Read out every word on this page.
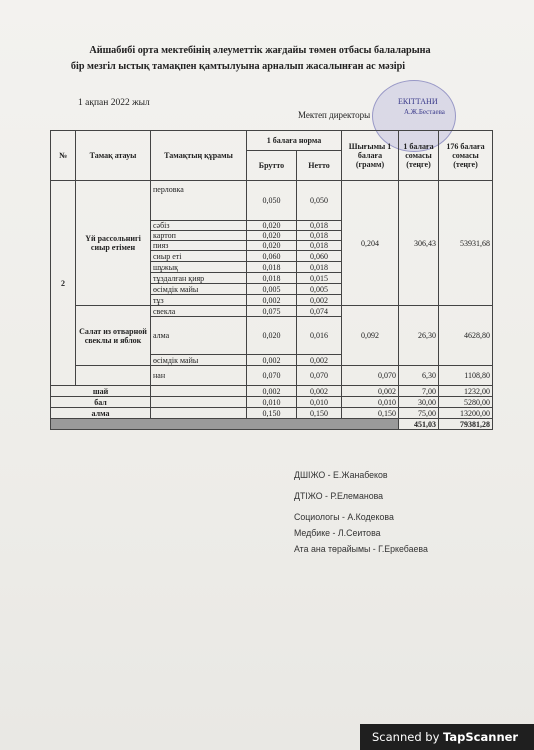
Айшабибі орта мектебінің әлеуметтік жағдайы төмен отбасы балаларына
бір мезгіл ыстық тамақпен қамтылуына арналып жасалынған ас мәзірі
1 ақпан 2022 жыл	ЕКІТТАНИ
А.Ж.Бестаева
Мектеп директоры
№	Тамақ атауы	Тамақтың құрамы	1 балаға норма		Шығымы 1 балаға (грамм)	1 балаға сомасы (теңге)	176 балаға сомасы (теңге)
			Брутто	Нетто			
2	Үй рассольнигі сиыр етімен	перловка	0,050	0,050	0,204	306,43	53931,68
		сәбіз	0,020	0,018			
		картоп	0,020	0,018			
		пияз	0,020	0,018			
		сиыр еті	0,060	0,060			
		шұжық	0,018	0,018			
		тұздалған қияр	0,018	0,015			
		өсімдік майы	0,005	0,005			
		тұз	0,002	0,002			
	Салат из отварной свеклы и яблок	свекла	0,075	0,074	0,092	26,30	4628,80
		алма	0,020	0,016			
		өсімдік майы	0,002	0,002			
		нан	0,070	0,070	0,070	6,30	1108,80
шай			0,002	0,002	0,002	7,00	1232,00
бал			0,010	0,010	0,010	30,00	5280,00
алма			0,150	0,150	0,150	75,00	13200,00
						451,03	79381,28
ДШІЖО - Е.Жанабеков
ДТІЖО - Р.Елеманова
Социологы - А.Кодекова
Медбике - Л.Сеитова
Ата ана төрайымы - Г.Еркебаева
Scanned by TapScanner
